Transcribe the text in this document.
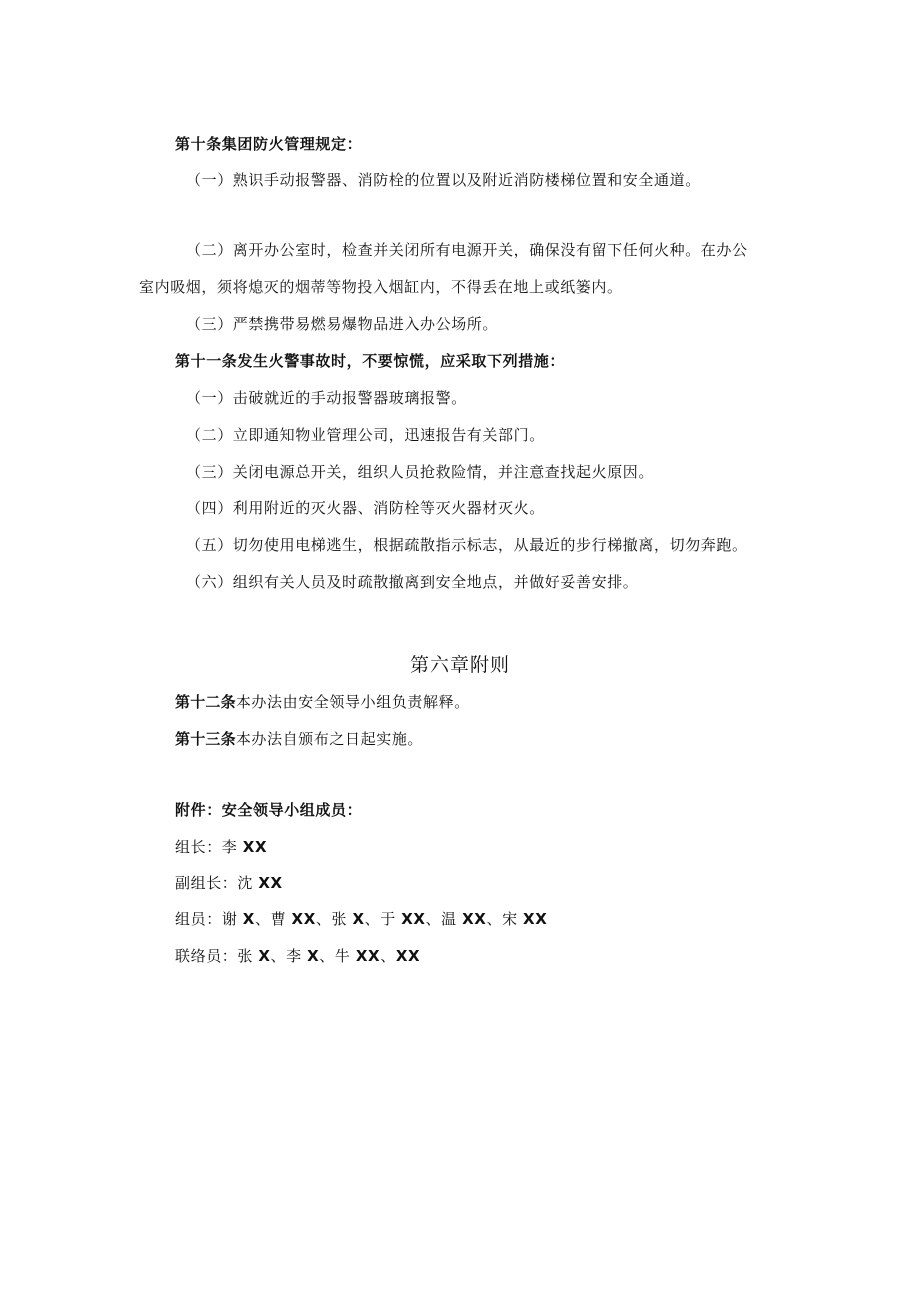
第十条集团防火管理规定：
（一）熟识手动报警器、消防栓的位置以及附近消防楼梯位置和安全通道。
（二）离开办公室时，检查并关闭所有电源开关，确保没有留下任何火种。在办公
室内吸烟，须将熄灭的烟蒂等物投入烟缸内，不得丢在地上或纸篓内。
（三）严禁携带易燃易爆物品进入办公场所。
第十一条发生火警事故时，不要惊慌，应采取下列措施：
（一）击破就近的手动报警器玻璃报警。
（二）立即通知物业管理公司，迅速报告有关部门。
（三）关闭电源总开关，组织人员抢救险情，并注意查找起火原因。
（四）利用附近的灭火器、消防栓等灭火器材灭火。
（五）切勿使用电梯逃生，根据疏散指示标志，从最近的步行梯撤离，切勿奔跑。
（六）组织有关人员及时疏散撤离到安全地点，并做好妥善安排。
第六章附则
第十二条本办法由安全领导小组负责解释。
第十三条本办法自颁布之日起实施。
附件：安全领导小组成员：
组长：李 XX
副组长：沈 XX
组员：谢 X、曹 XX、张 X、于 XX、温 XX、宋 XX
联络员：张 X、李 X、牛 XX、XX
